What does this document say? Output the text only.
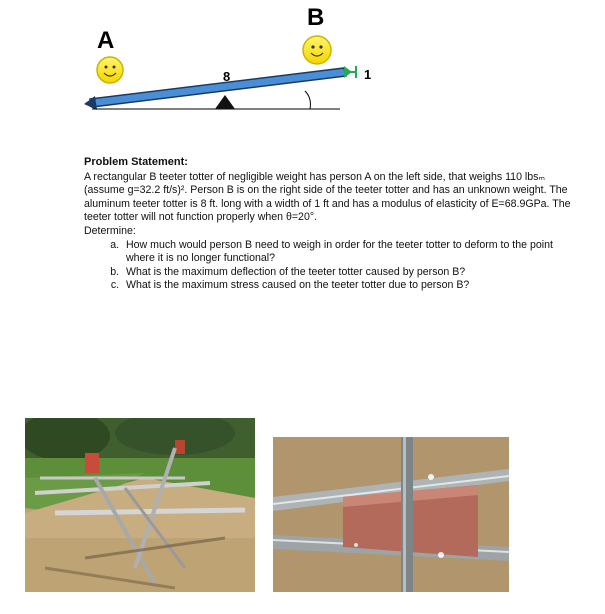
A
B
8	1
Problem Statement:

A rectangular B teeter totter of negligible weight has person A on the left side, that weighs 110 lbsₘ (assume g=32.2 ft/s)². Person B is on the right side of the teeter totter and has an unknown weight. The aluminum teeter totter is 8 ft. long with a width of 1 ft and has a modulus of elasticity of E=68.9GPa. The teeter totter will not function properly when θ=20°.

Determine:

a. How much would person B need to weigh in order for the teeter totter to deform to the point where it is no longer functional?
b. What is the maximum deflection of the teeter totter caused by person B?
c. What is the maximum stress caused on the teeter totter due to person B?
